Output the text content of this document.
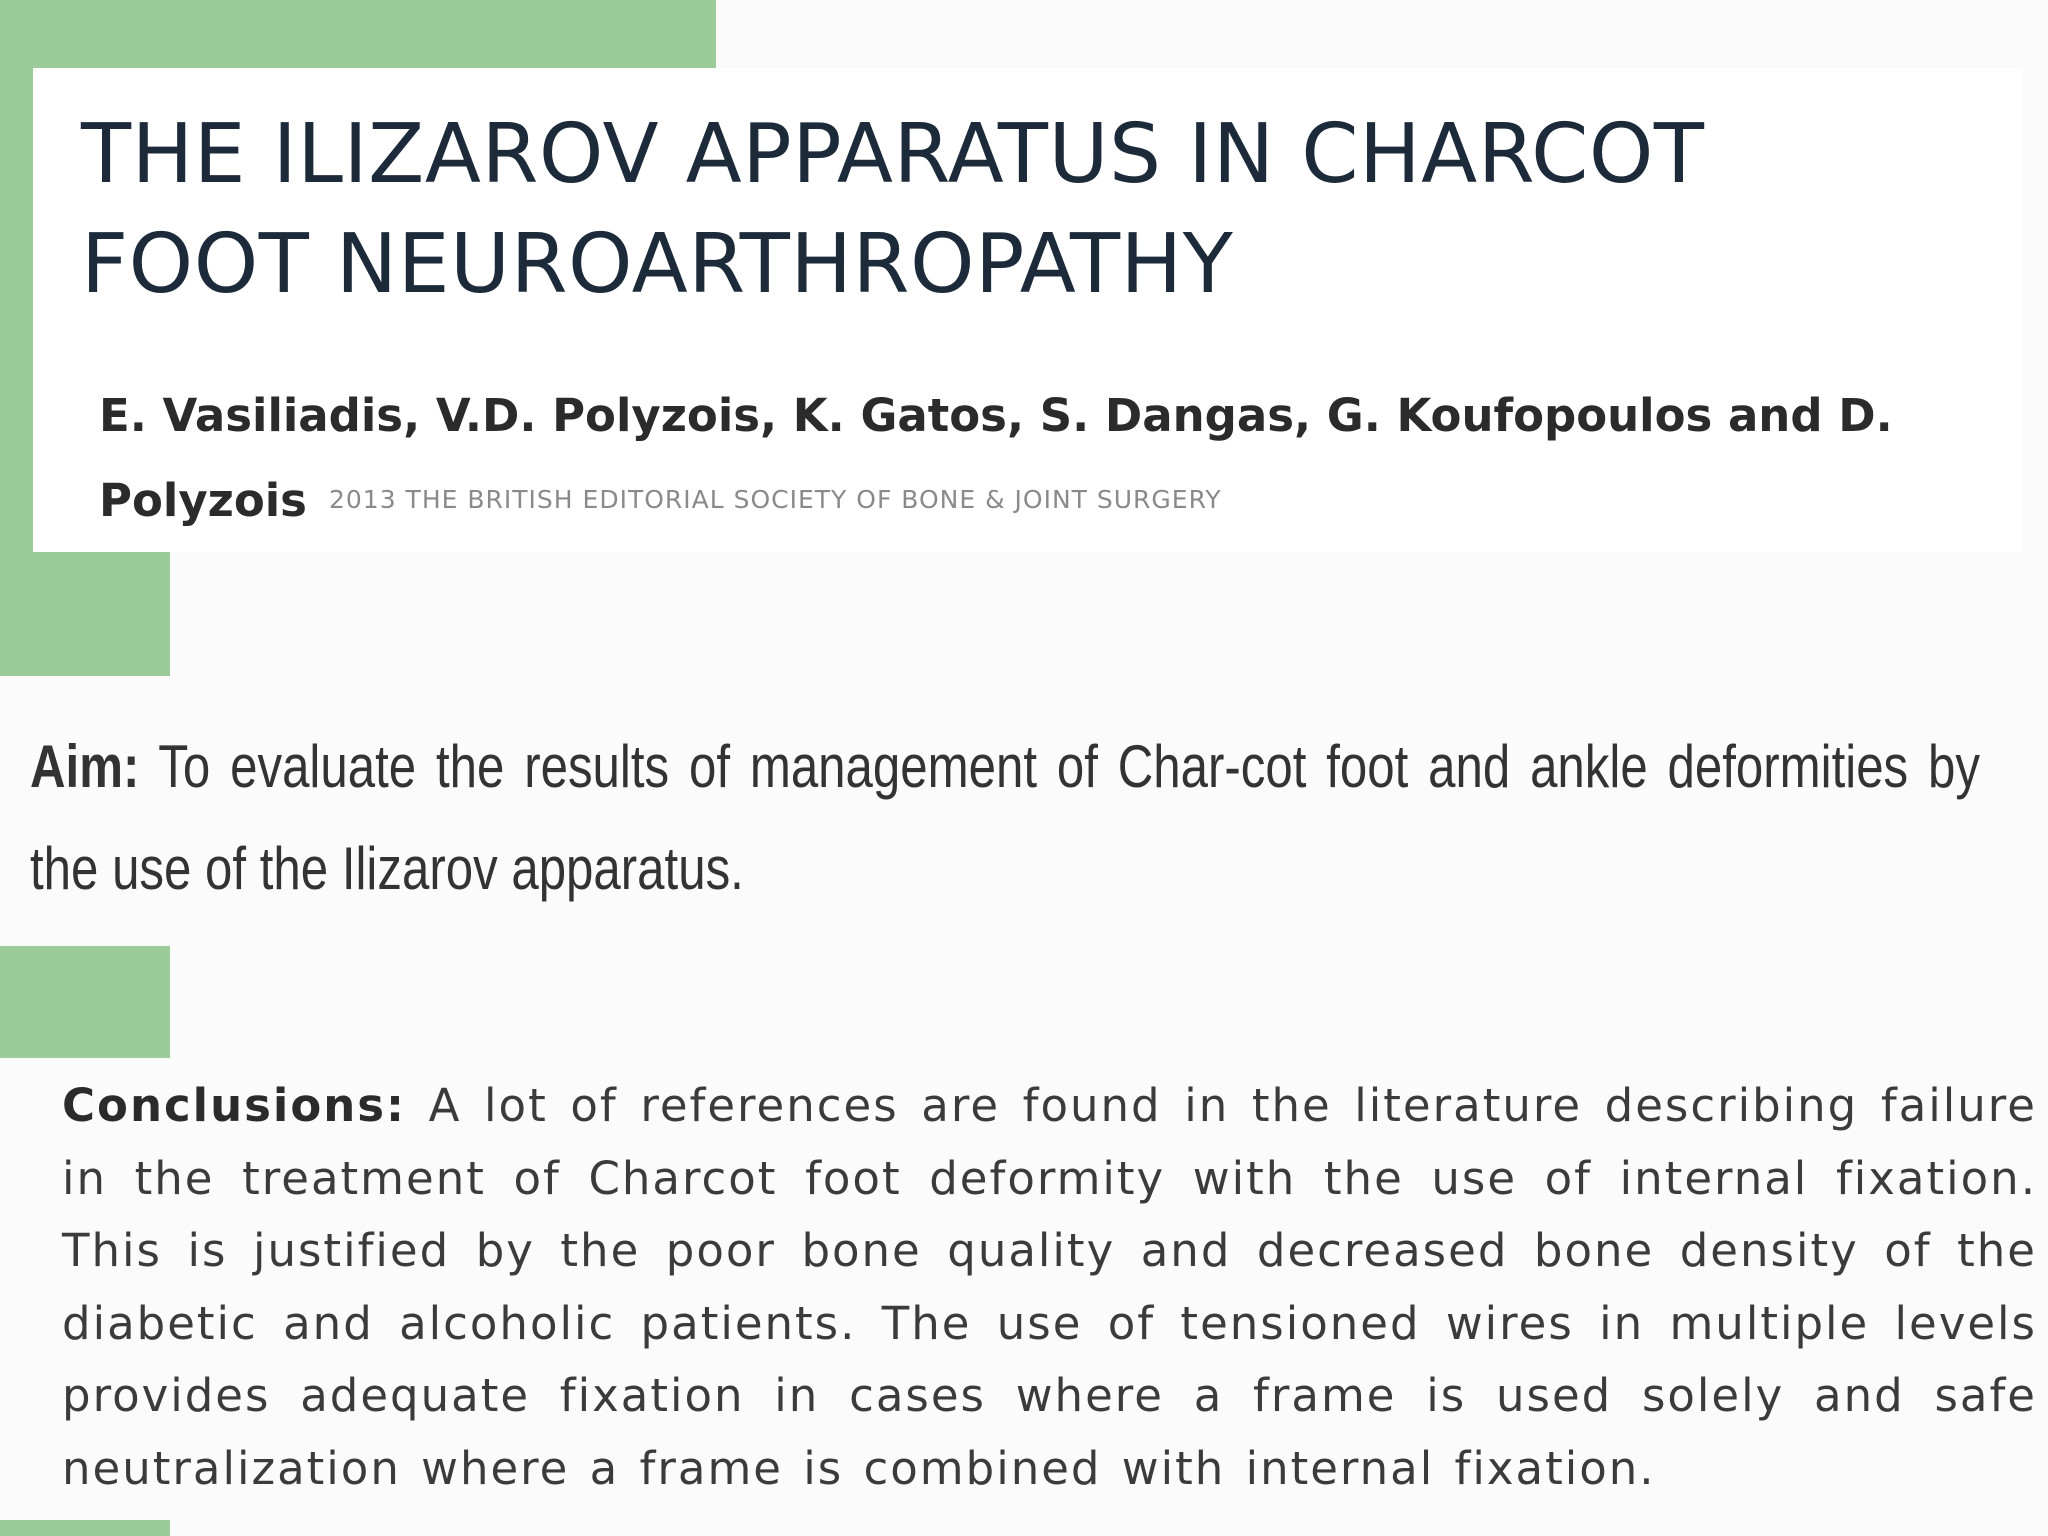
THE ILIZAROV APPARATUS IN CHARCOT
FOOT NEUROARTHROPATHY

E. Vasiliadis, V.D. Polyzois, K. Gatos, S. Dangas, G. Koufopoulos and D. Polyzois 2013 THE BRITISH EDITORIAL SOCIETY OF BONE & JOINT SURGERY

Aim: To evaluate the results of management of Char-cot foot and ankle deformities by the use of the Ilizarov apparatus.

Conclusions: A lot of references are found in the literature describing failure in the treatment of Charcot foot deformity with the use of internal fixation. This is justified by the poor bone quality and decreased bone density of the diabetic and alcoholic patients. The use of tensioned wires in multiple levels provides adequate fixation in cases where a frame is used solely and safe neutralization where a frame is combined with internal fixation.
